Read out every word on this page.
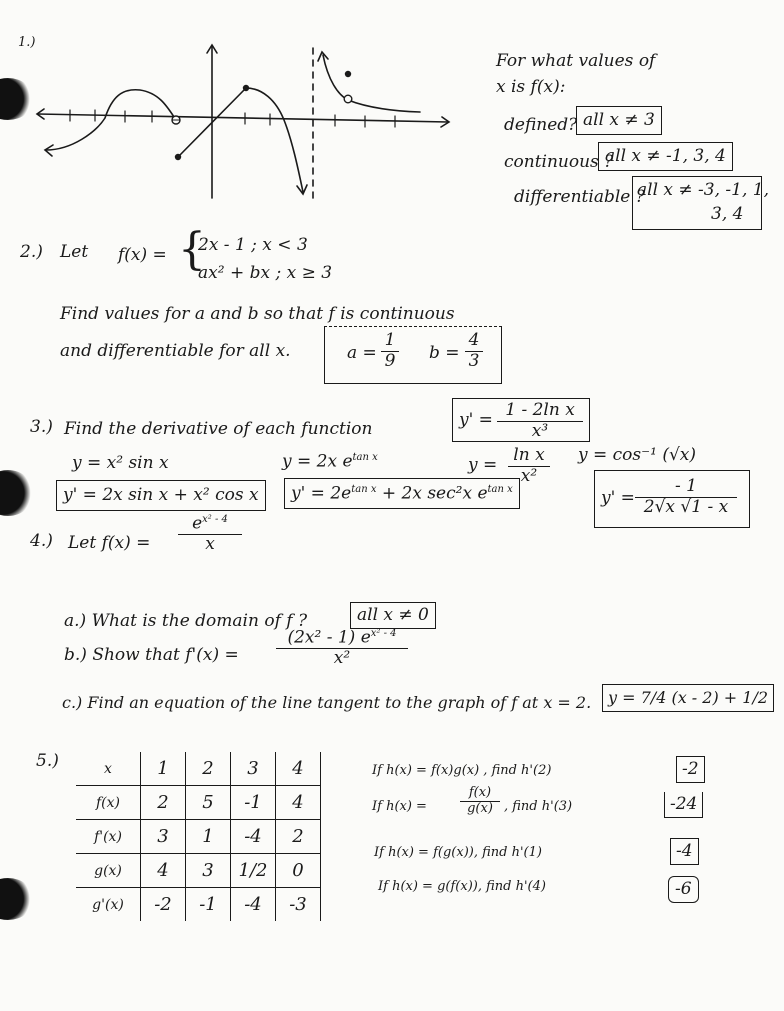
1.)
For what values of
x is f(x):
defined? all x ≠ 3
continuous ?
all x ≠ -1, 3, 4
differentiable ?
all x ≠ -3, -1, 1,
3, 4
2.) Let f(x) = {
2x - 1 ; x < 3
ax² + bx ; x ≥ 3
Find values for a and b so that f is continuous
and differentiable for all x.	$a = \frac{1}{9}$ $b = \frac{4}{3}$
3.) Find the derivative of each function	$y' = \frac{\text{1 - 2ln x}}{\text{x³}}$
y = x² sin x	y = 2x $e^{tan x}$	$y = \frac{\text{ln x}}{\text{x²}}$ y = cos⁻¹ (√x)
y' = 2x sin x + x² cos x	$y' = 2e^{tan x} + 2x$ sec²x $e^{tan x}$	$y' = \frac{- 1}{2√x √1 - x}$
4.) Let $f(x) = \frac{e^{x^2 - 4}}{x}$
a.) What is the domain of f ?	all x ≠ 0
b.) Show that $f'(x) = \frac{(2x^2 - 1) e^{x^2 - 4}}{\text{x²}}$
c.) Find an equation of the line tangent to the graph of f at x = 2.	y = 7/4 (x - 2) + 1/2
5.)	x	1	2	3	4
f(x)	2	5	-1	4
f'(x)	3	1	-4	2
g(x)	4	3	1/2	0
g'(x)	-2	-1	-4	-3
If h(x) = f(x)g(x) , find h'(2)	-2
If h(x) =	$\frac{f(x)}{g(x)}$ , find h'(3)	-24
If h(x) = f(g(x)), find h'(1)	-4
If h(x) = g(f(x)), find h'(4)	-6
